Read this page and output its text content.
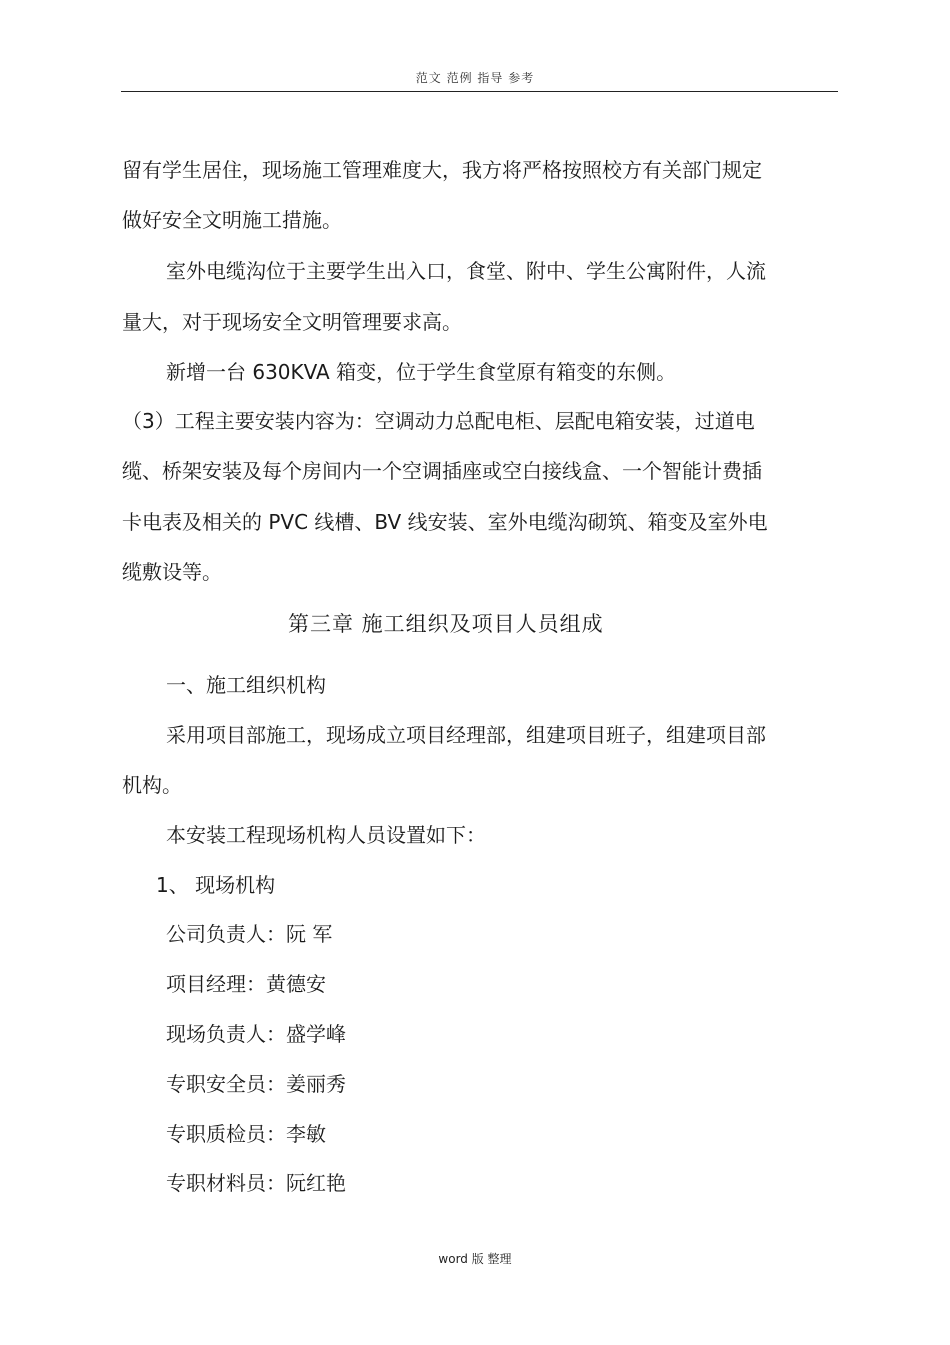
范文 范例 指导 参考
留有学生居住，现场施工管理难度大，我方将严格按照校方有关部门规定
做好安全文明施工措施。
室外电缆沟位于主要学生出入口，食堂、附中、学生公寓附件，人流
量大，对于现场安全文明管理要求高。
新增一台 630KVA 箱变，位于学生食堂原有箱变的东侧。
（3）工程主要安装内容为：空调动力总配电柜、层配电箱安装，过道电
缆、桥架安装及每个房间内一个空调插座或空白接线盒、一个智能计费插
卡电表及相关的 PVC 线槽、BV 线安装、室外电缆沟砌筑、箱变及室外电
缆敷设等。
第三章 施工组织及项目人员组成
一、施工组织机构
采用项目部施工，现场成立项目经理部，组建项目班子，组建项目部
机构。
本安装工程现场机构人员设置如下：
1、 现场机构
公司负责人：阮 军
项目经理：黄德安
现场负责人：盛学峰
专职安全员：姜丽秀
专职质检员：李敏
专职材料员：阮红艳
word 版 整理
